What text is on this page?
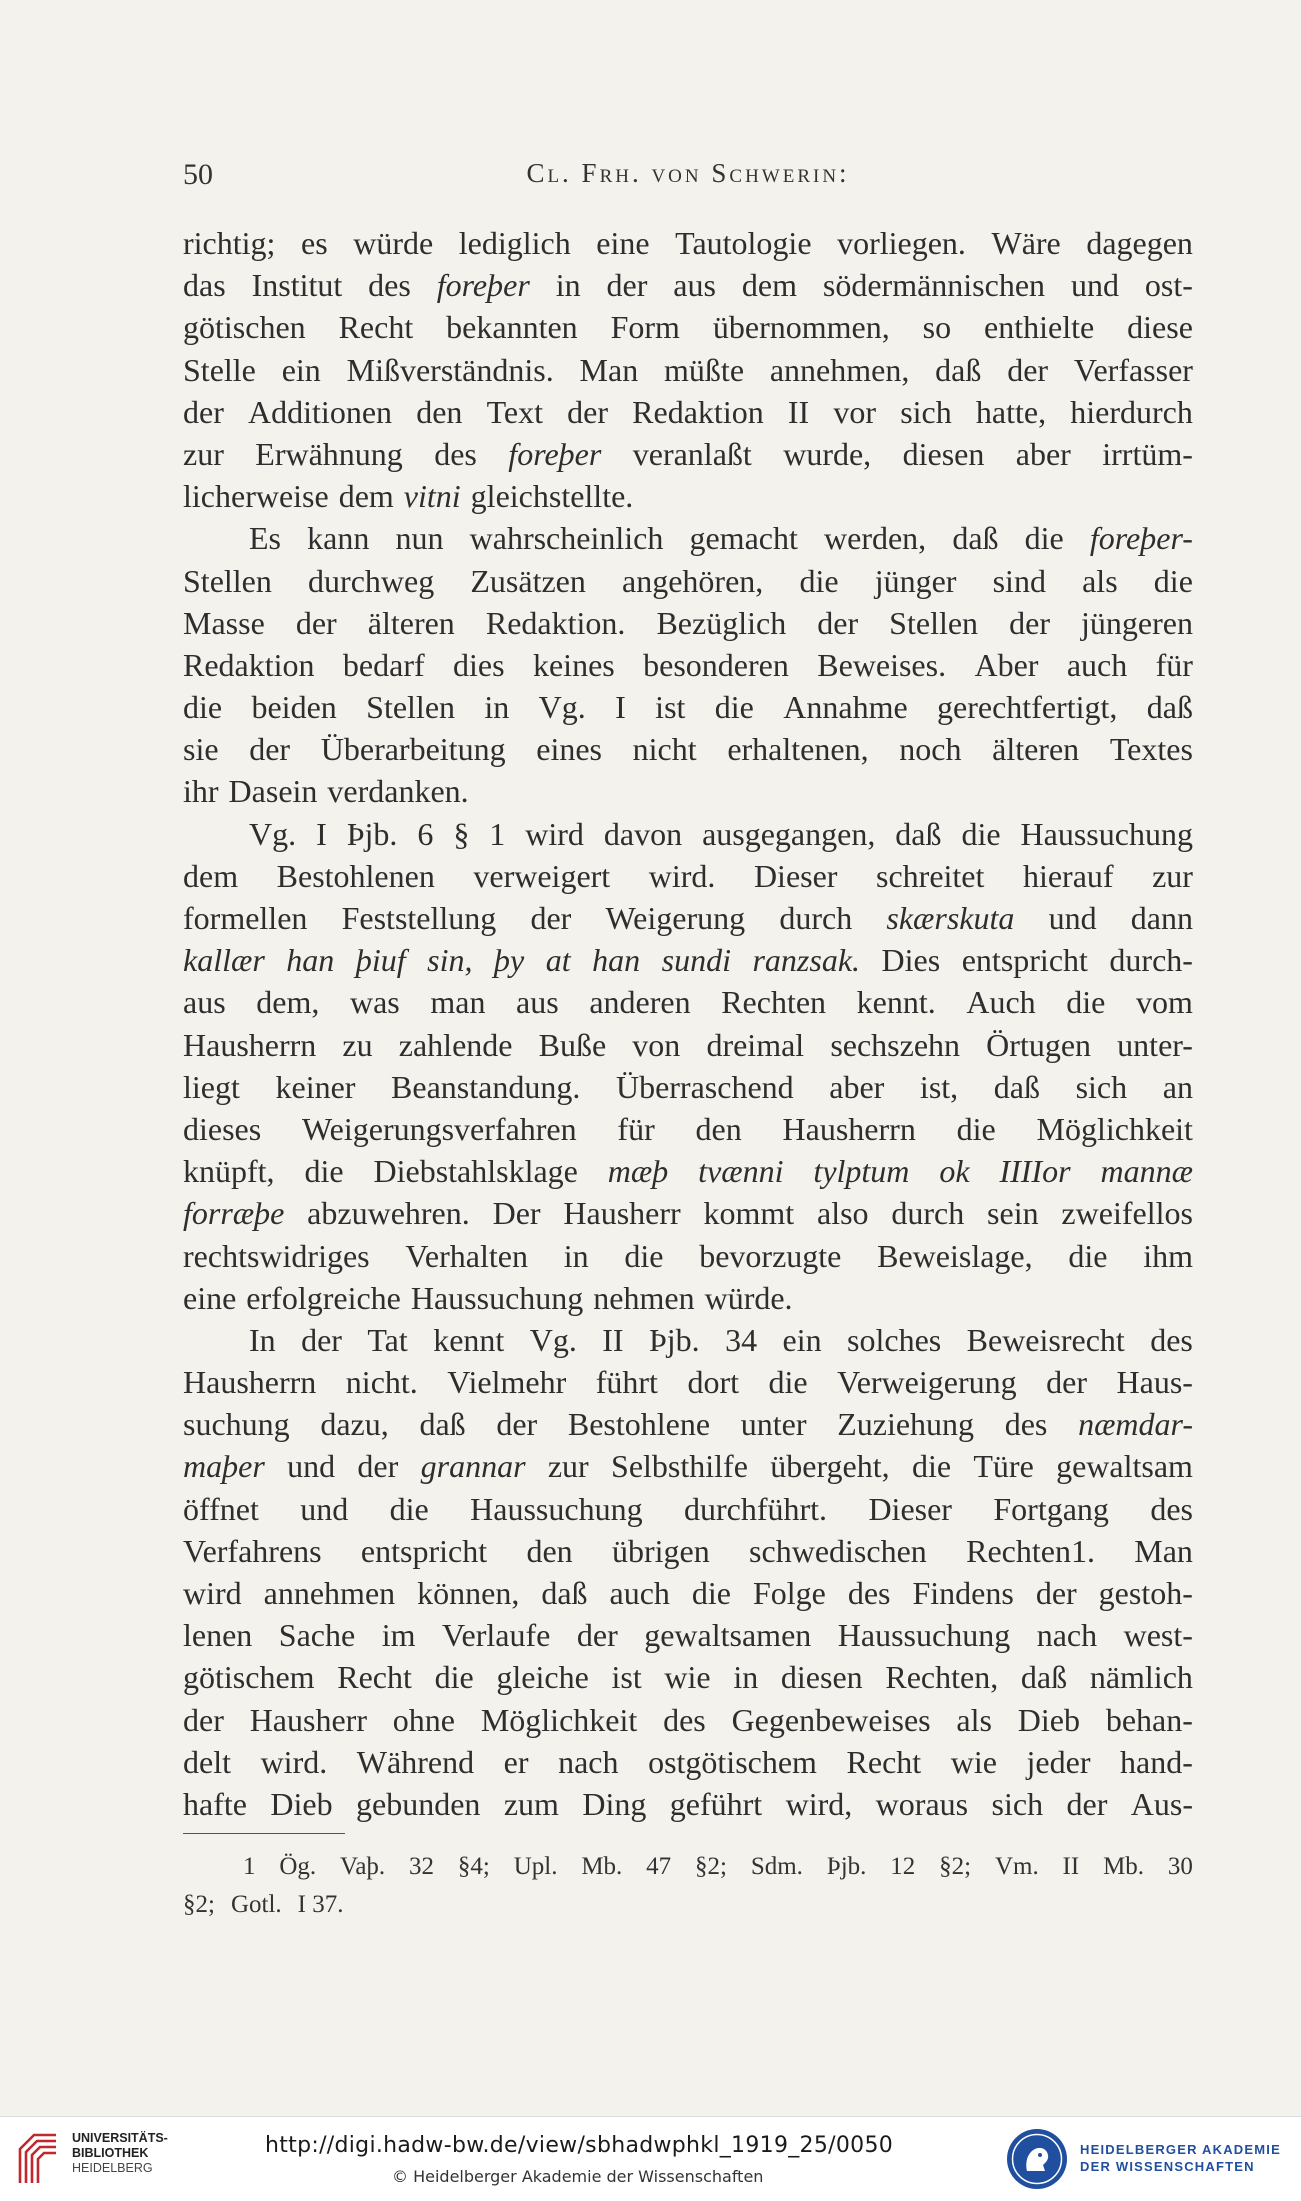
50	Cl. Frh. von Schwerin:
richtig; es würde lediglich eine Tautologie vorliegen. Wäre dagegen
das Institut des foreþer in der aus dem södermännischen und ost-
götischen Recht bekannten Form übernommen, so enthielte diese
Stelle ein Mißverständnis. Man müßte annehmen, daß der Verfasser
der Additionen den Text der Redaktion II vor sich hatte, hierdurch
zur Erwähnung des foreþer veranlaßt wurde, diesen aber irrtüm-
licherweise dem vitni gleichstellte.
Es kann nun wahrscheinlich gemacht werden, daß die foreþer-
Stellen durchweg Zusätzen angehören, die jünger sind als die
Masse der älteren Redaktion. Bezüglich der Stellen der jüngeren
Redaktion bedarf dies keines besonderen Beweises. Aber auch für
die beiden Stellen in Vg. I ist die Annahme gerechtfertigt, daß
sie der Überarbeitung eines nicht erhaltenen, noch älteren Textes
ihr Dasein verdanken.
Vg. I Þjb. 6 § 1 wird davon ausgegangen, daß die Haussuchung
dem Bestohlenen verweigert wird. Dieser schreitet hierauf zur
formellen Feststellung der Weigerung durch skærskuta und dann
kallær han þiuf sin, þy at han sundi ranzsak. Dies entspricht durch-
aus dem, was man aus anderen Rechten kennt. Auch die vom
Hausherrn zu zahlende Buße von dreimal sechszehn Örtugen unter-
liegt keiner Beanstandung. Überraschend aber ist, daß sich an
dieses Weigerungsverfahren für den Hausherrn die Möglichkeit
knüpft, die Diebstahlsklage mæþ tvænni tylptum ok IIIIor mannæ
forræþe abzuwehren. Der Hausherr kommt also durch sein zweifellos
rechtswidriges Verhalten in die bevorzugte Beweislage, die ihm
eine erfolgreiche Haussuchung nehmen würde.
In der Tat kennt Vg. II Þjb. 34 ein solches Beweisrecht des
Hausherrn nicht. Vielmehr führt dort die Verweigerung der Haus-
suchung dazu, daß der Bestohlene unter Zuziehung des næmdar-
maþer und der grannar zur Selbsthilfe übergeht, die Türe gewaltsam
öffnet und die Haussuchung durchführt. Dieser Fortgang des
Verfahrens entspricht den übrigen schwedischen Rechten1. Man
wird annehmen können, daß auch die Folge des Findens der gestoh-
lenen Sache im Verlaufe der gewaltsamen Haussuchung nach west-
götischem Recht die gleiche ist wie in diesen Rechten, daß nämlich
der Hausherr ohne Möglichkeit des Gegenbeweises als Dieb behan-
delt wird. Während er nach ostgötischem Recht wie jeder hand-
hafte Dieb gebunden zum Ding geführt wird, woraus sich der Aus-
1 Ög. Vaþ. 32 §4; Upl. Mb. 47 §2; Sdm. Þjb. 12 §2; Vm. II Mb. 30
§2; Gotl. I 37.
UNIVERSITÄTS-
BIBLIOTHEK
HEIDELBERG
http://digi.hadw-bw.de/view/sbhadwphkl_1919_25/0050
© Heidelberger Akademie der Wissenschaften
HEIDELBERGER AKADEMIE
DER WISSENSCHAFTEN
